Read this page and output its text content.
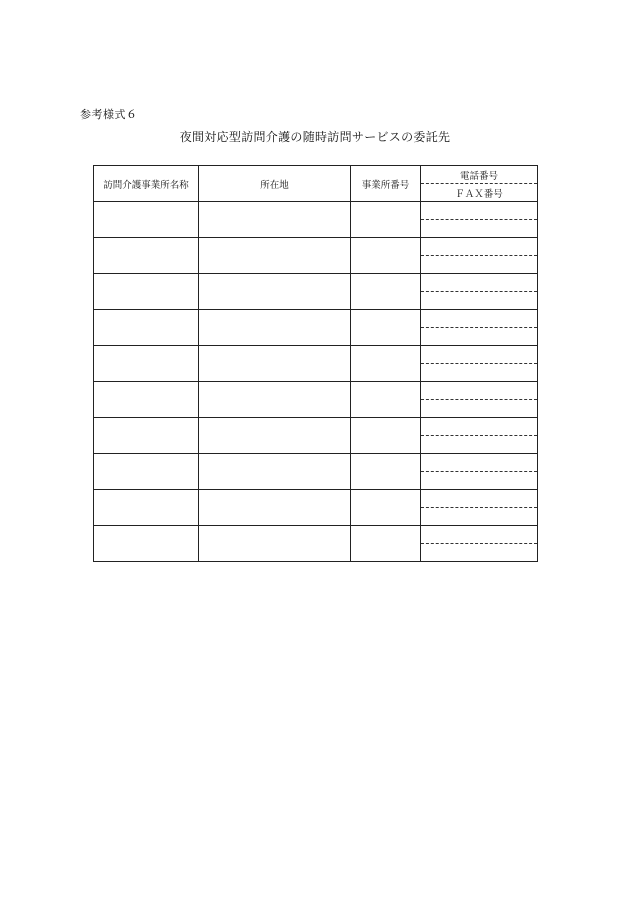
参考様式６
夜間対応型訪問介護の随時訪問サービスの委託先
訪問介護事業所名称	所在地	事業所番号	電話番号
ＦＡＸ番号
